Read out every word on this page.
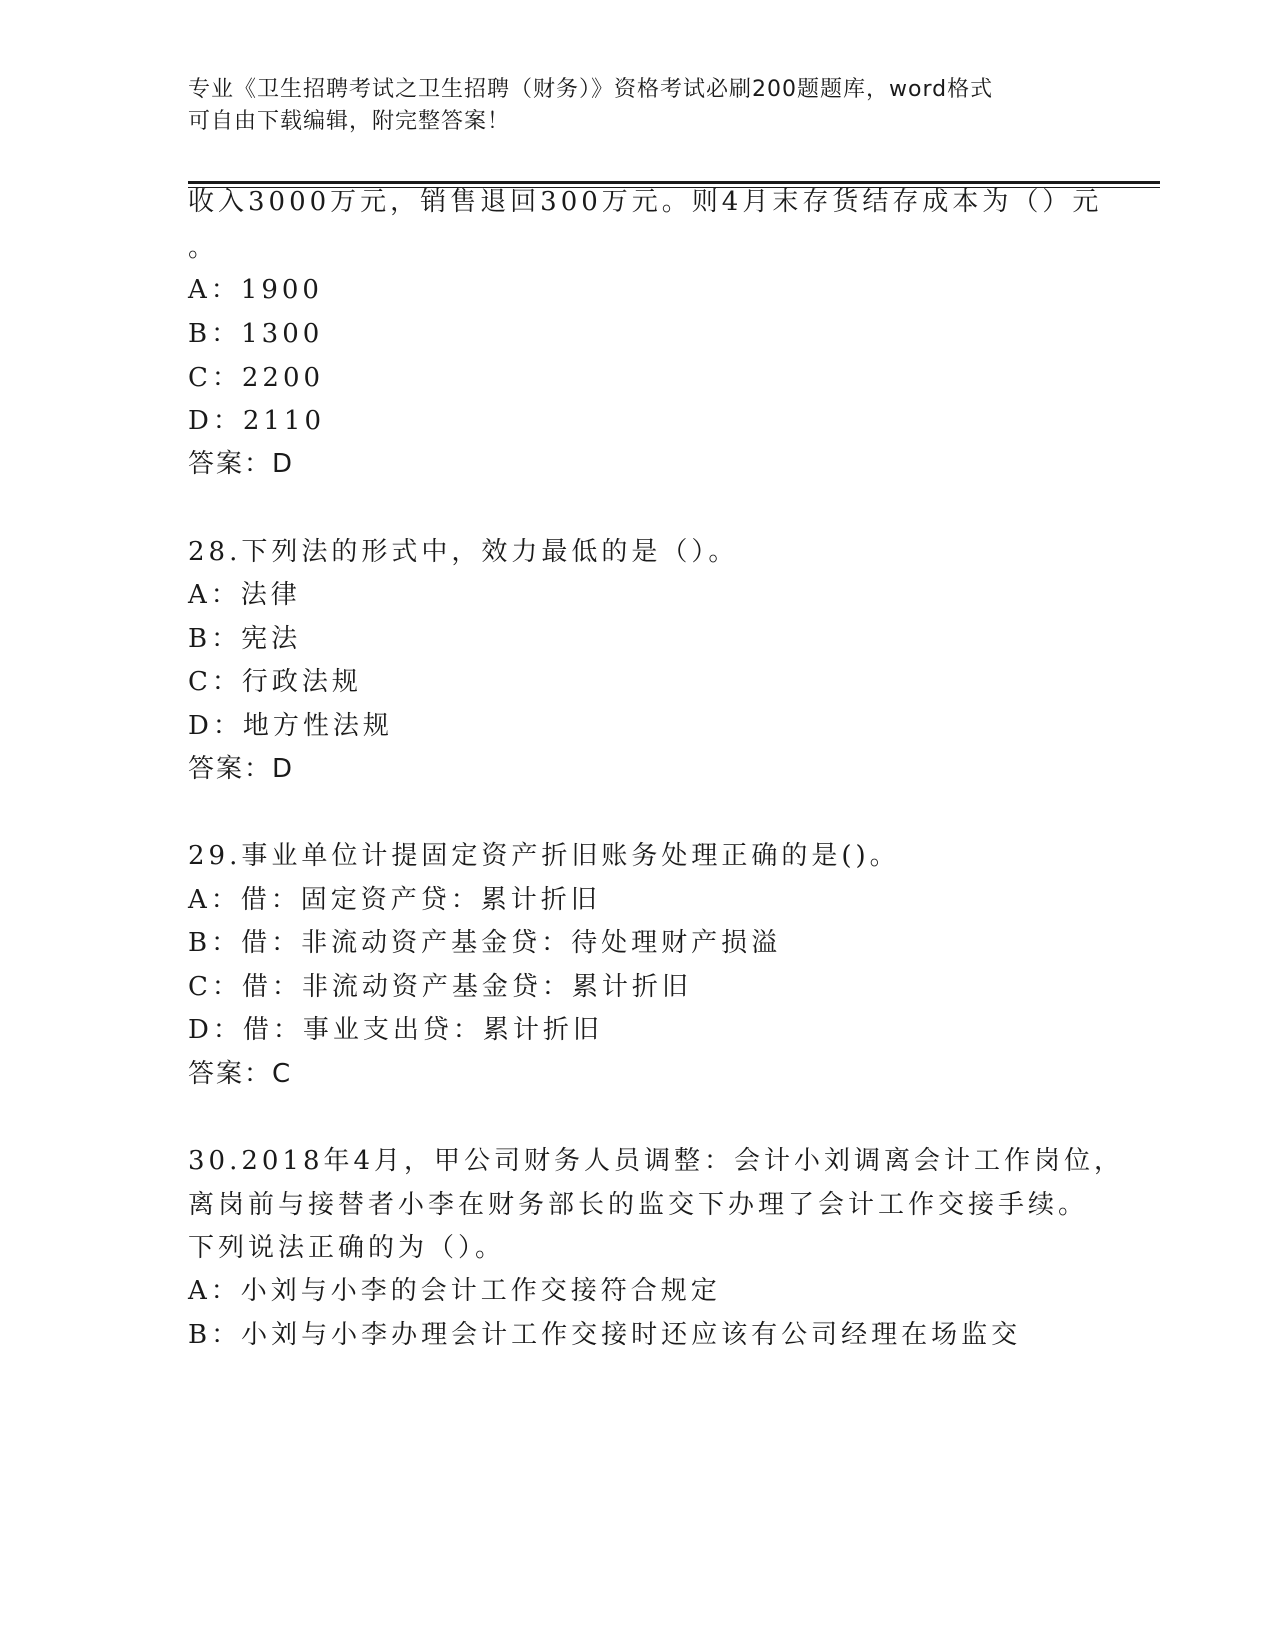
专业《卫生招聘考试之卫生招聘（财务）》资格考试必刷200题题库，word格式
可自由下载编辑，附完整答案！
收入3000万元，销售退回300万元。则4月末存货结存成本为（）元
。
A：1900
B：1300
C：2200
D：2110
答案：D
28.下列法的形式中，效力最低的是（）。
A：法律
B：宪法
C：行政法规
D：地方性法规
答案：D
29.事业单位计提固定资产折旧账务处理正确的是()。
A：借：固定资产贷：累计折旧
B：借：非流动资产基金贷：待处理财产损溢
C：借：非流动资产基金贷：累计折旧
D：借：事业支出贷：累计折旧
答案：C
30.2018年4月，甲公司财务人员调整：会计小刘调离会计工作岗位，
离岗前与接替者小李在财务部长的监交下办理了会计工作交接手续。
下列说法正确的为（）。
A：小刘与小李的会计工作交接符合规定
B：小刘与小李办理会计工作交接时还应该有公司经理在场监交
